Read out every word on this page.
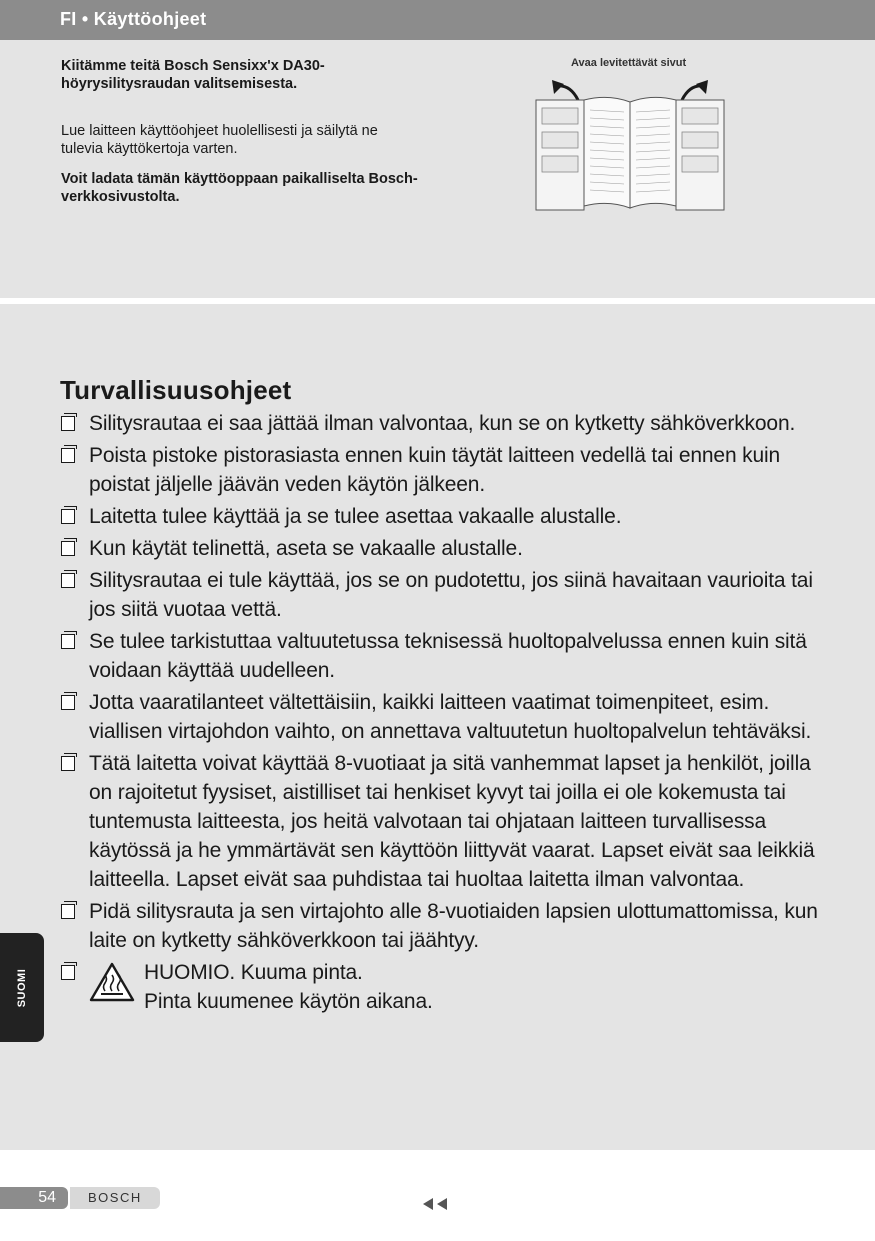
FI • Käyttöohjeet
Kiitämme teitä Bosch Sensixx'x DA30-höyrysilitysraudan valitsemisesta.
Lue laitteen käyttöohjeet huolellisesti ja säilytä ne tulevia käyttökertoja varten.
Voit ladata tämän käyttöoppaan paikalliselta Bosch-verkkosivustolta.
Avaa levitettävät sivut
Turvallisuusohjeet
Silitysrautaa ei saa jättää ilman valvontaa, kun se on kytketty sähköverkkoon.
Poista pistoke pistorasiasta ennen kuin täytät laitteen vedellä tai ennen kuin poistat jäljelle jäävän veden käytön jälkeen.
Laitetta tulee käyttää ja se tulee asettaa vakaalle alustalle.
Kun käytät telinettä, aseta se vakaalle alustalle.
Silitysrautaa ei tule käyttää, jos se on pudotettu, jos siinä havaitaan vaurioita tai jos siitä vuotaa vettä.
Se tulee tarkistuttaa valtuutetussa teknisessä huoltopalvelussa ennen kuin sitä voidaan käyttää uudelleen.
Jotta vaaratilanteet vältettäisiin, kaikki laitteen vaatimat toimenpiteet, esim. viallisen virtajohdon vaihto, on annettava valtuutetun huoltopalvelun tehtäväksi.
Tätä laitetta voivat käyttää 8-vuotiaat ja sitä vanhemmat lapset ja henkilöt, joilla on rajoitetut fyysiset, aistilliset tai henkiset kyvyt tai joilla ei ole kokemusta tai tuntemusta laitteesta, jos heitä valvotaan tai ohjataan laitteen turvallisessa käytössä ja he ymmärtävät sen käyttöön liittyvät vaarat. Lapset eivät saa leikkiä laitteella. Lapset eivät saa puhdistaa tai huoltaa laitetta ilman valvontaa.
Pidä silitysrauta ja sen virtajohto alle 8-vuotiaiden lapsien ulottumattomissa, kun laite on kytketty sähköverkkoon tai jäähtyy.
HUOMIO. Kuuma pinta.
Pinta kuumenee käytön aikana.
SUOMI
54 BOSCH
